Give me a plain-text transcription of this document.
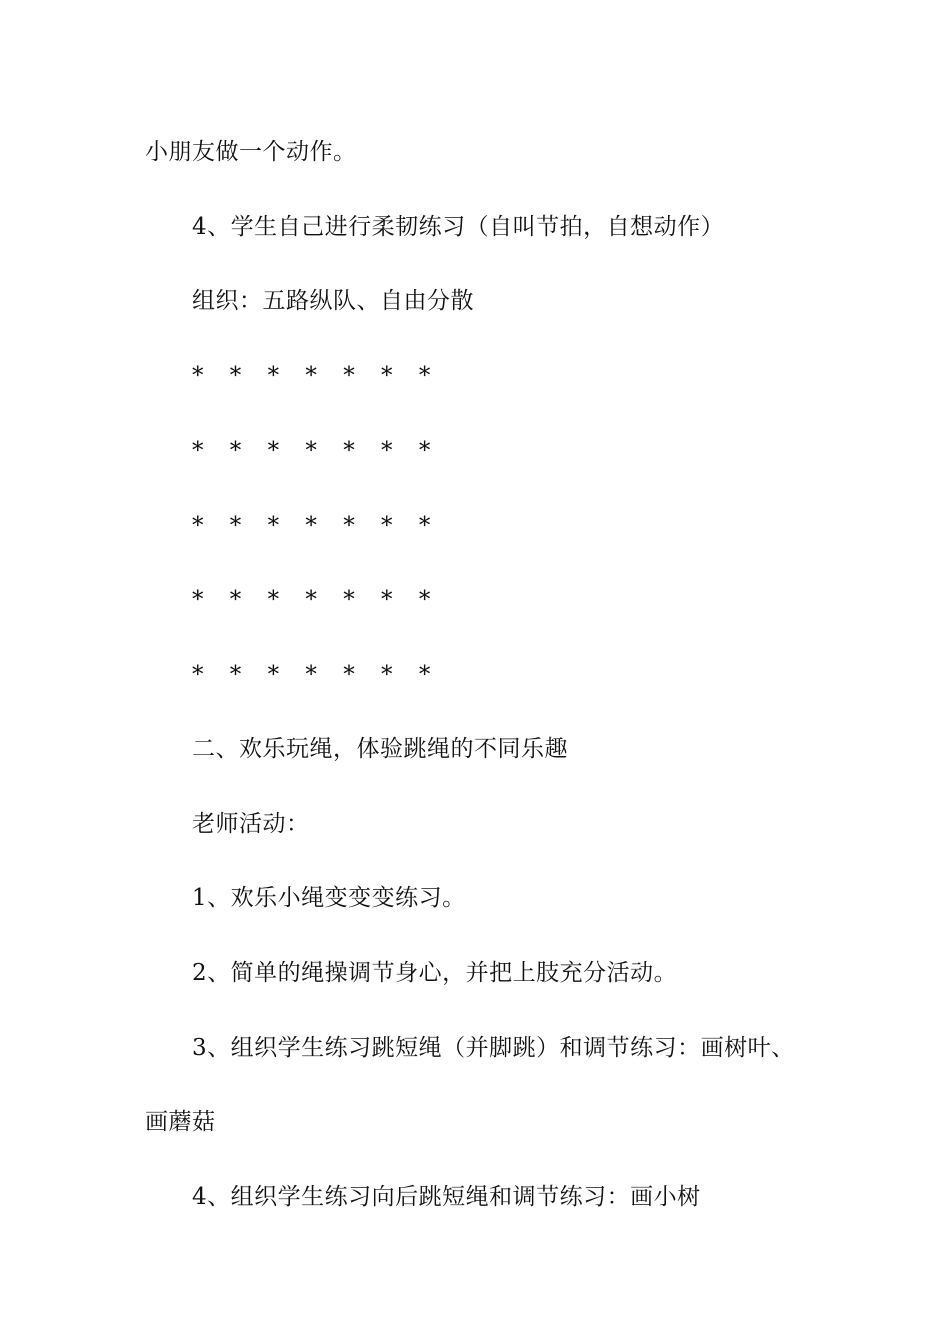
小朋友做一个动作。
4、学生自己进行柔韧练习（自叫节拍，自想动作）
组织：五路纵队、自由分散
* * * * * * *
* * * * * * *
* * * * * * *
* * * * * * *
* * * * * * *
二、欢乐玩绳，体验跳绳的不同乐趣
老师活动：
1、欢乐小绳变变变练习。
2、简单的绳操调节身心，并把上肢充分活动。
3、组织学生练习跳短绳（并脚跳）和调节练习：画树叶、
画蘑菇
4、组织学生练习向后跳短绳和调节练习：画小树
